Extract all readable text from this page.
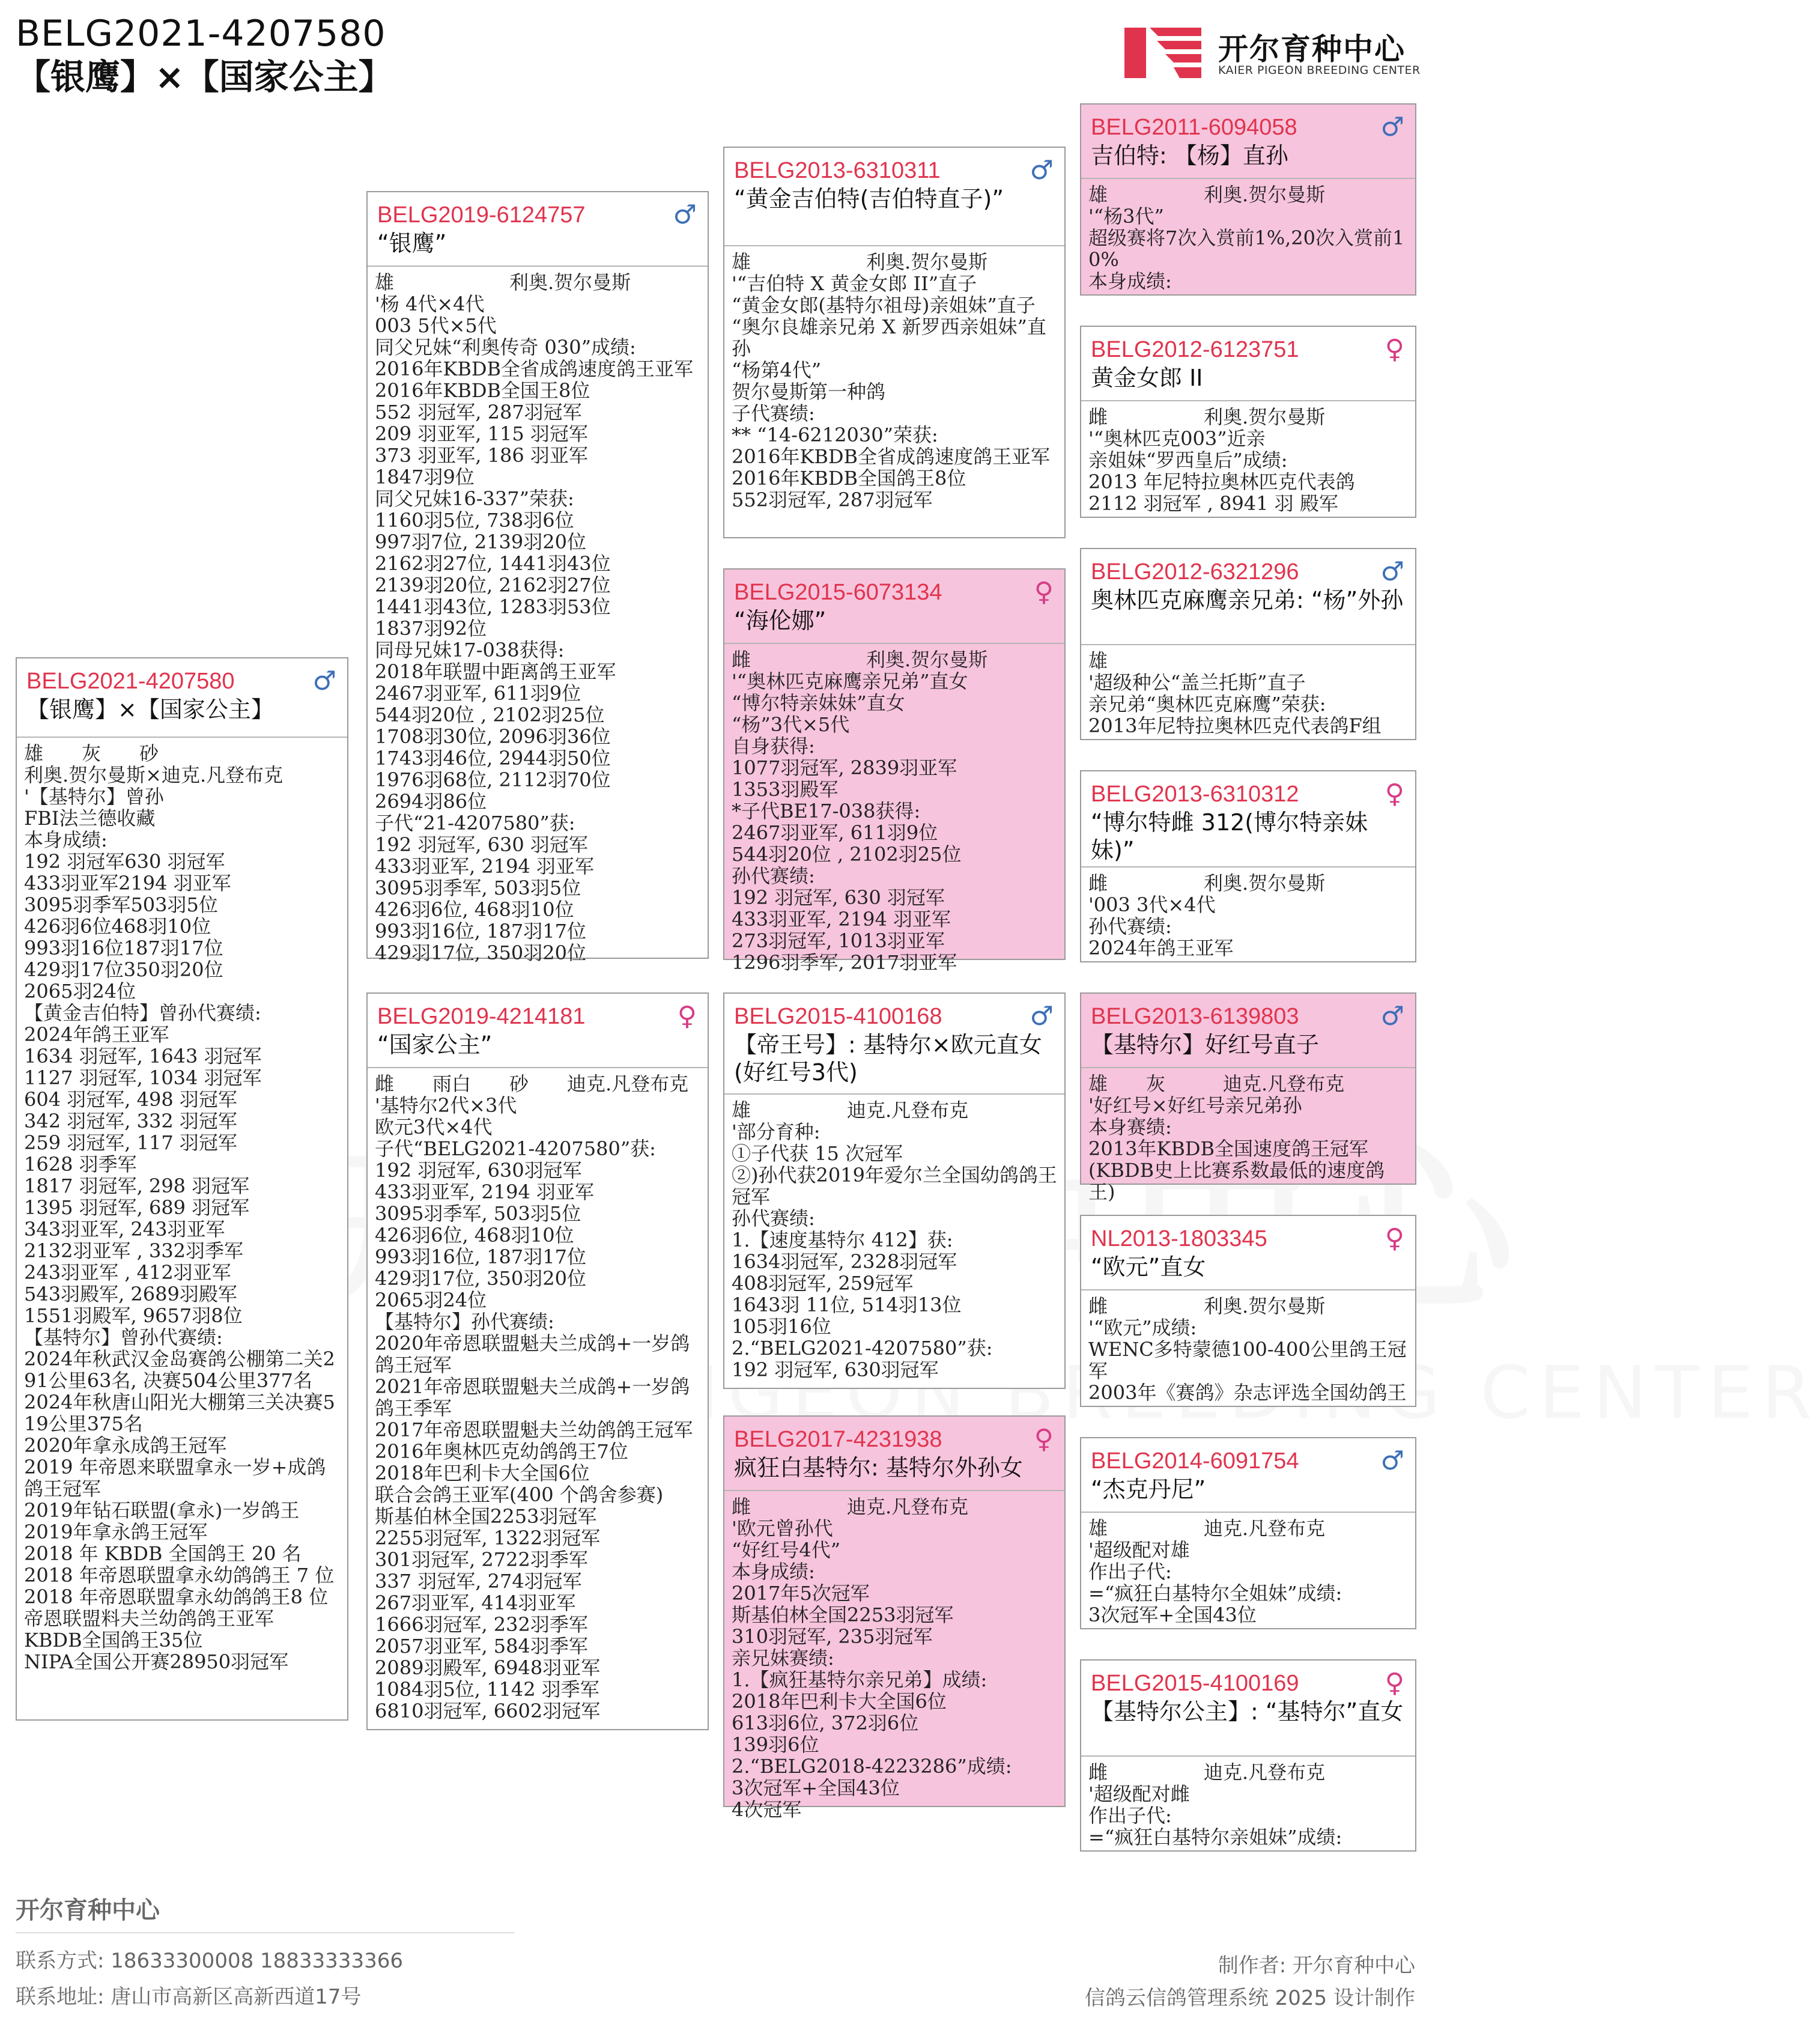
BELG2021-4207580
【银鹰】×【国家公主】
开尔育种中心
KAIER PIGEON BREEDING CENTER
BELG2021-4207580
【银鹰】×【国家公主】
♂
雄　　灰　　砂
利奥.贺尔曼斯×迪克.凡登布克
'【基特尔】曾孙
FBI法兰德收藏
本身成绩:
192 羽冠军630 羽冠军
433羽亚军2194 羽亚军
3095羽季军503羽5位
426羽6位468羽10位
993羽16位187羽17位
429羽17位350羽20位
2065羽24位
【黄金吉伯特】曾孙代赛绩:
2024年鸽王亚军
1634 羽冠军, 1643 羽冠军
1127 羽冠军, 1034 羽冠军
604 羽冠军, 498 羽冠军
342 羽冠军, 332 羽冠军
259 羽冠军, 117 羽冠军
1628 羽季军
1817 羽冠军, 298 羽冠军
1395 羽冠军, 689 羽冠军
343羽亚军, 243羽亚军
2132羽亚军 , 332羽季军
243羽亚军 , 412羽亚军
543羽殿军, 2689羽殿军
1551羽殿军, 9657羽8位
【基特尔】曾孙代赛绩:
2024年秋武汉金岛赛鸽公棚第二关291公里63名, 决赛504公里377名
2024年秋唐山阳光大棚第三关决赛519公里375名
2020年拿永成鸽王冠军
2019 年帝恩来联盟拿永一岁+成鸽鸽王冠军
2019年钻石联盟(拿永)一岁鸽王
2019年拿永鸽王冠军
2018 年 KBDB 全国鸽王 20 名
2018 年帝恩联盟拿永幼鸽鸽王 7 位
2018 年帝恩联盟拿永幼鸽鸽王8 位
帝恩联盟料夫兰幼鸽鸽王亚军
KBDB全国鸽王35位
NIPA全国公开赛28950羽冠军
BELG2019-6124757
“银鹰”
♂
雄　　　　　　利奥.贺尔曼斯
'杨 4代×4代
003 5代×5代
同父兄妹“利奥传奇 030”成绩:
2016年KBDB全省成鸽速度鸽王亚军
2016年KBDB全国王8位
552 羽冠军, 287羽冠军
209 羽亚军, 115 羽冠军
373 羽亚军, 186 羽亚军
1847羽9位
同父兄妹16-337”荣获:
1160羽5位, 738羽6位
997羽7位, 2139羽20位
2162羽27位, 1441羽43位
2139羽20位, 2162羽27位
1441羽43位, 1283羽53位
1837羽92位
同母兄妹17-038获得:
2018年联盟中距离鸽王亚军
2467羽亚军, 611羽9位
544羽20位 , 2102羽25位
1708羽30位, 2096羽36位
1743羽46位, 2944羽50位
1976羽68位, 2112羽70位
2694羽86位
子代“21-4207580”获:
192 羽冠军, 630 羽冠军
433羽亚军, 2194 羽亚军
3095羽季军, 503羽5位
426羽6位, 468羽10位
993羽16位, 187羽17位
429羽17位, 350羽20位
BELG2019-4214181
“国家公主”
♀
雌　　雨白　　砂　　迪克.凡登布克
'基特尔2代×3代
欧元3代×4代
子代“BELG2021-4207580”获:
192 羽冠军, 630羽冠军
433羽亚军, 2194 羽亚军
3095羽季军, 503羽5位
426羽6位, 468羽10位
993羽16位, 187羽17位
429羽17位, 350羽20位
2065羽24位
【基特尔】孙代赛绩:
2020年帝恩联盟魁夫兰成鸽+一岁鸽鸽王冠军
2021年帝恩联盟魁夫兰成鸽+一岁鸽鸽王季军
2017年帝恩联盟魁夫兰幼鸽鸽王冠军
2016年奥林匹克幼鸽鸽王7位
2018年巴利卡大全国6位
联合会鸽王亚军(400 个鸽舍参赛)
斯基伯林全国2253羽冠军
2255羽冠军, 1322羽冠军
301羽冠军, 2722羽季军
337 羽冠军, 274羽冠军
267羽亚军, 414羽亚军
1666羽冠军, 232羽季军
2057羽亚军, 584羽季军
2089羽殿军, 6948羽亚军
1084羽5位, 1142 羽季军
6810羽冠军, 6602羽冠军
BELG2013-6310311
“黄金吉伯特(吉伯特直子)”
♂
雄　　　　　　利奥.贺尔曼斯
'“吉伯特 X 黄金女郎 II”直子
“黄金女郎(基特尔祖母)亲姐妹”直子
“奥尔良雄亲兄弟 X 新罗西亲姐妹”直孙
“杨第4代”
贺尔曼斯第一种鸽
子代赛绩:
** “14-6212030”荣获:
2016年KBDB全省成鸽速度鸽王亚军
2016年KBDB全国鸽王8位
552羽冠军, 287羽冠军
BELG2015-6073134
“海伦娜”
♀
雌　　　　　　利奥.贺尔曼斯
'“奥林匹克麻鹰亲兄弟”直女
“博尔特亲妹妹”直女
“杨”3代×5代
自身获得:
1077羽冠军, 2839羽亚军
1353羽殿军
*子代BE17-038获得:
2467羽亚军, 611羽9位
544羽20位 , 2102羽25位
孙代赛绩:
192 羽冠军, 630 羽冠军
433羽亚军, 2194 羽亚军
273羽冠军, 1013羽亚军
1296羽季军, 2017羽亚军
BELG2015-4100168
【帝王号】: 基特尔×欧元直女(好红号3代)
♂
雄　　　　　迪克.凡登布克
'部分育种:
①子代获 15 次冠军
②)孙代获2019年爱尔兰全国幼鸽鸽王冠军
孙代赛绩:
1.【速度基特尔 412】获:
1634羽冠军, 2328羽冠军
408羽冠军, 259冠军
1643羽 11位, 514羽13位
105羽16位
2.“BELG2021-4207580”获:
192 羽冠军, 630羽冠军
BELG2017-4231938
疯狂白基特尔: 基特尔外孙女
♀
雌　　　　　迪克.凡登布克
'欧元曾孙代
“好红号4代”
本身成绩:
2017年5次冠军
斯基伯林全国2253羽冠军
310羽冠军, 235羽冠军
亲兄妹赛绩:
1.【疯狂基特尔亲兄弟】成绩:
2018年巴利卡大全国6位
613羽6位, 372羽6位
139羽6位
2.“BELG2018-4223286”成绩:
3次冠军+全国43位
4次冠军
BELG2011-6094058
吉伯特: 【杨】直孙
♂
雄　　　　　利奥.贺尔曼斯
'“杨3代”
超级赛将7次入赏前1%,20次入赏前10%
本身成绩:
BELG2012-6123751
黄金女郎 II
♀
雌　　　　　利奥.贺尔曼斯
'“奥林匹克003”近亲
亲姐妹“罗西皇后”成绩:
2013 年尼特拉奥林匹克代表鸽
2112 羽冠军 , 8941 羽 殿军
BELG2012-6321296
奥林匹克麻鹰亲兄弟: “杨”外孙
♂
雄
'超级种公“盖兰托斯”直子
亲兄弟“奥林匹克麻鹰”荣获:
2013年尼特拉奥林匹克代表鸽F组
BELG2013-6310312
“博尔特雌 312(博尔特亲妹妹)”
♀
雌　　　　　利奥.贺尔曼斯
'003 3代×4代
孙代赛绩:
2024年鸽王亚军
BELG2013-6139803
【基特尔】好红号直子
♂
雄　　灰　　　迪克.凡登布克
'好红号×好红号亲兄弟孙
本身赛绩:
2013年KBDB全国速度鸽王冠军
(KBDB史上比赛系数最低的速度鸽王)
NL2013-1803345
“欧元”直女
♀
雌　　　　　利奥.贺尔曼斯
'“欧元”成绩:
WENC多特蒙德100-400公里鸽王冠军
2003年《赛鸽》杂志评选全国幼鸽王
BELG2014-6091754
“杰克丹尼”
♂
雄　　　　　迪克.凡登布克
'超级配对雄
作出子代:
=“疯狂白基特尔全姐妹”成绩:
3次冠军+全国43位
BELG2015-4100169
【基特尔公主】: “基特尔”直女
♀
雌　　　　　迪克.凡登布克
'超级配对雌
作出子代:
=“疯狂白基特尔亲姐妹”成绩:
开尔育种中心
联系方式: 18633300008 18833333366
联系地址: 唐山市高新区高新西道17号
制作者: 开尔育种中心
信鸽云信鸽管理系统 2025 设计制作
